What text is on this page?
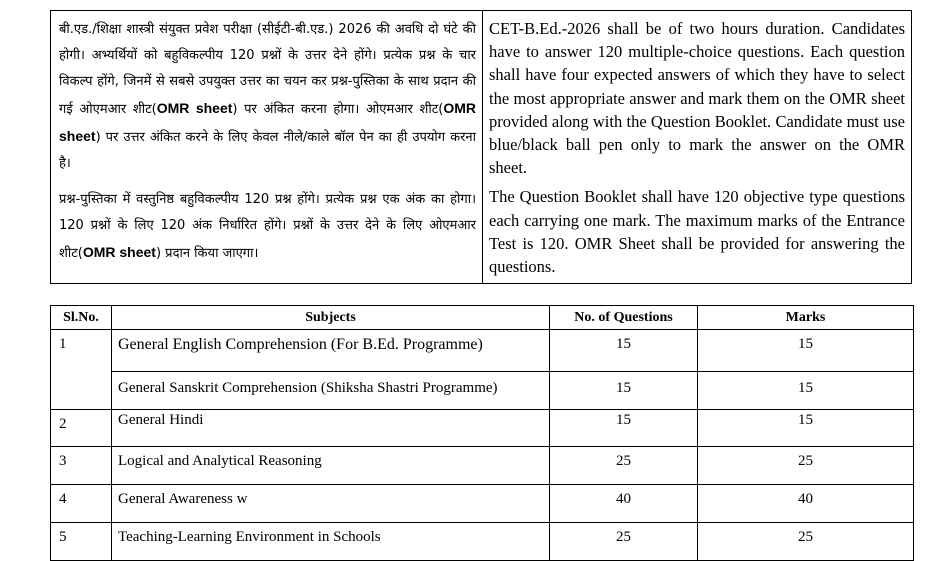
बी.एड./शिक्षा शास्त्री संयुक्त प्रवेश परीक्षा (सीईटी-बी.एड.) 2026 की अवधि दो घंटे की होगी। अभ्यर्थियों को बहुविकल्पीय 120 प्रश्नों के उत्तर देने होंगे। प्रत्येक प्रश्न के चार विकल्प होंगे, जिनमें से सबसे उपयुक्त उत्तर का चयन कर प्रश्न-पुस्तिका के साथ प्रदान की गई ओएमआर शीट(OMR sheet) पर अंकित करना होगा। ओएमआर शीट(OMR sheet) पर उत्तर अंकित करने के लिए केवल नीले/काले बॉल पेन का ही उपयोग करना है।

प्रश्न-पुस्तिका में वस्तुनिष्ठ बहुविकल्पीय 120 प्रश्न होंगे। प्रत्येक प्रश्न एक अंक का होगा। 120 प्रश्नों के लिए 120 अंक निर्धारित होंगे। प्रश्नों के उत्तर देने के लिए ओएमआर शीट(OMR sheet) प्रदान किया जाएगा।

CET-B.Ed.-2026 shall be of two hours duration. Candidates have to answer 120 multiple-choice questions. Each question shall have four expected answers of which they have to select the most appropriate answer and mark them on the OMR sheet provided along with the Question Booklet. Candidate must use blue/black ball pen only to mark the answer on the OMR sheet.

The Question Booklet shall have 120 objective type questions each carrying one mark. The maximum marks of the Entrance Test is 120. OMR Sheet shall be provided for answering the questions.

Sl.No.	Subjects	No. of Questions	Marks
1	General English Comprehension (For B.Ed. Programme)	15	15
	General Sanskrit Comprehension (Shiksha Shastri Programme)	15	15
2	General Hindi	15	15
3	Logical and Analytical Reasoning	25	25
4	General Awareness w	40	40
5	Teaching-Learning Environment in Schools	25	25
